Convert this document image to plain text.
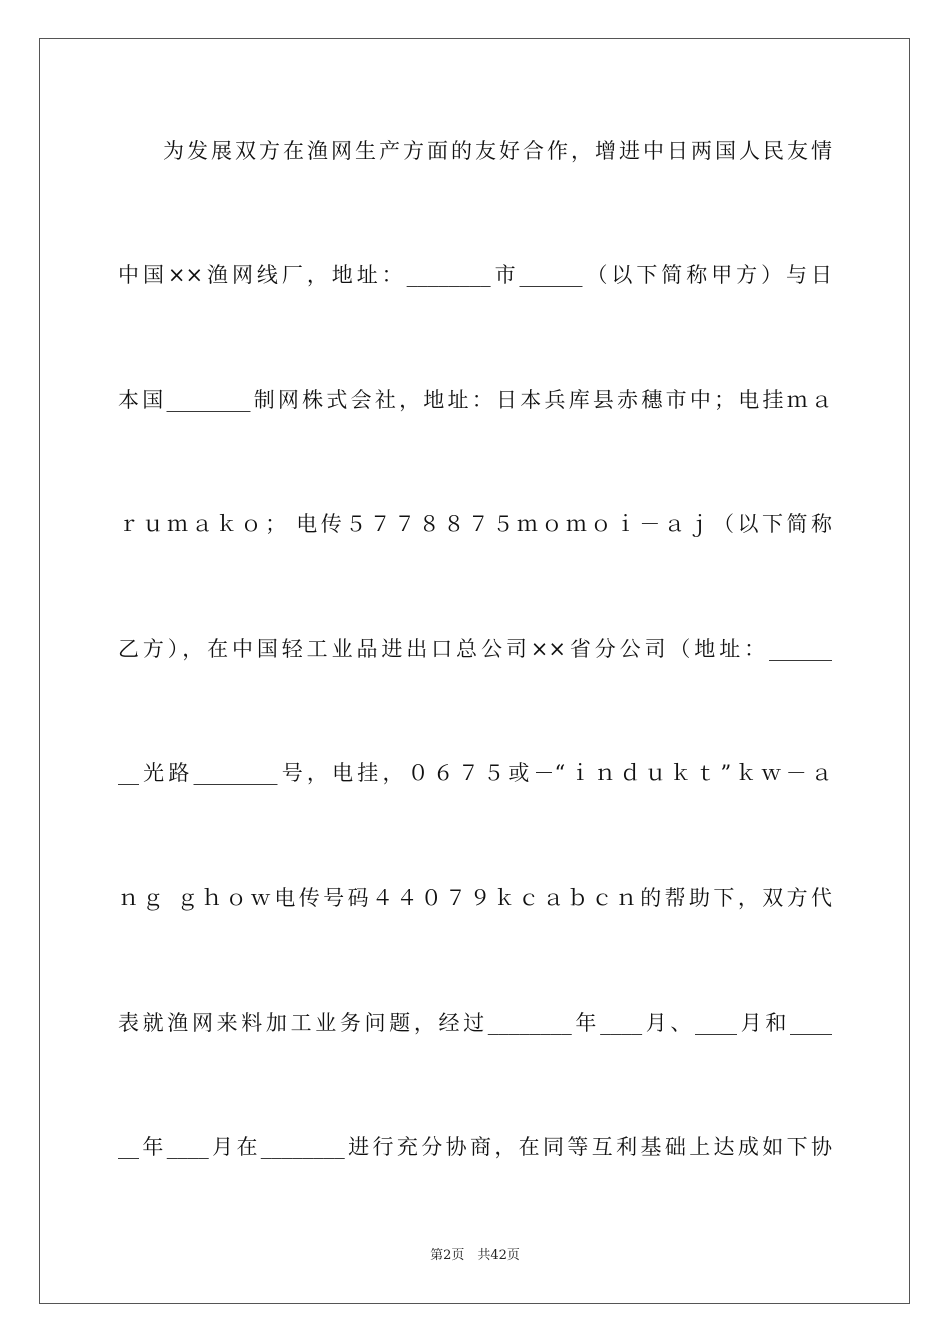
为发展双方在渔网生产方面的友好合作，增进中日两国人民友情
中国××渔网线厂，地址：________市______（以下简称甲方）与日
本国________制网株式会社，地址：日本兵库县赤穗市中；电挂ｍａ
ｒｕｍａｋｏ； 电传５７７８８７５ｍｏｍｏｉ－ａｊ（以下简称
乙方），在中国轻工业品进出口总公司××省分公司（地址：______
__光路________号，电挂，０６７５或－“ｉｎｄｕｋｔ”ｋｗ－ａ
ｎｇ ｇｈｏｗ电传号码４４０７９ｋｃａｂｃｎ的帮助下，双方代
表就渔网来料加工业务问题，经过________年____月、____月和____
__年____月在________进行充分协商，在同等互利基础上达成如下协
第2页　共42页
